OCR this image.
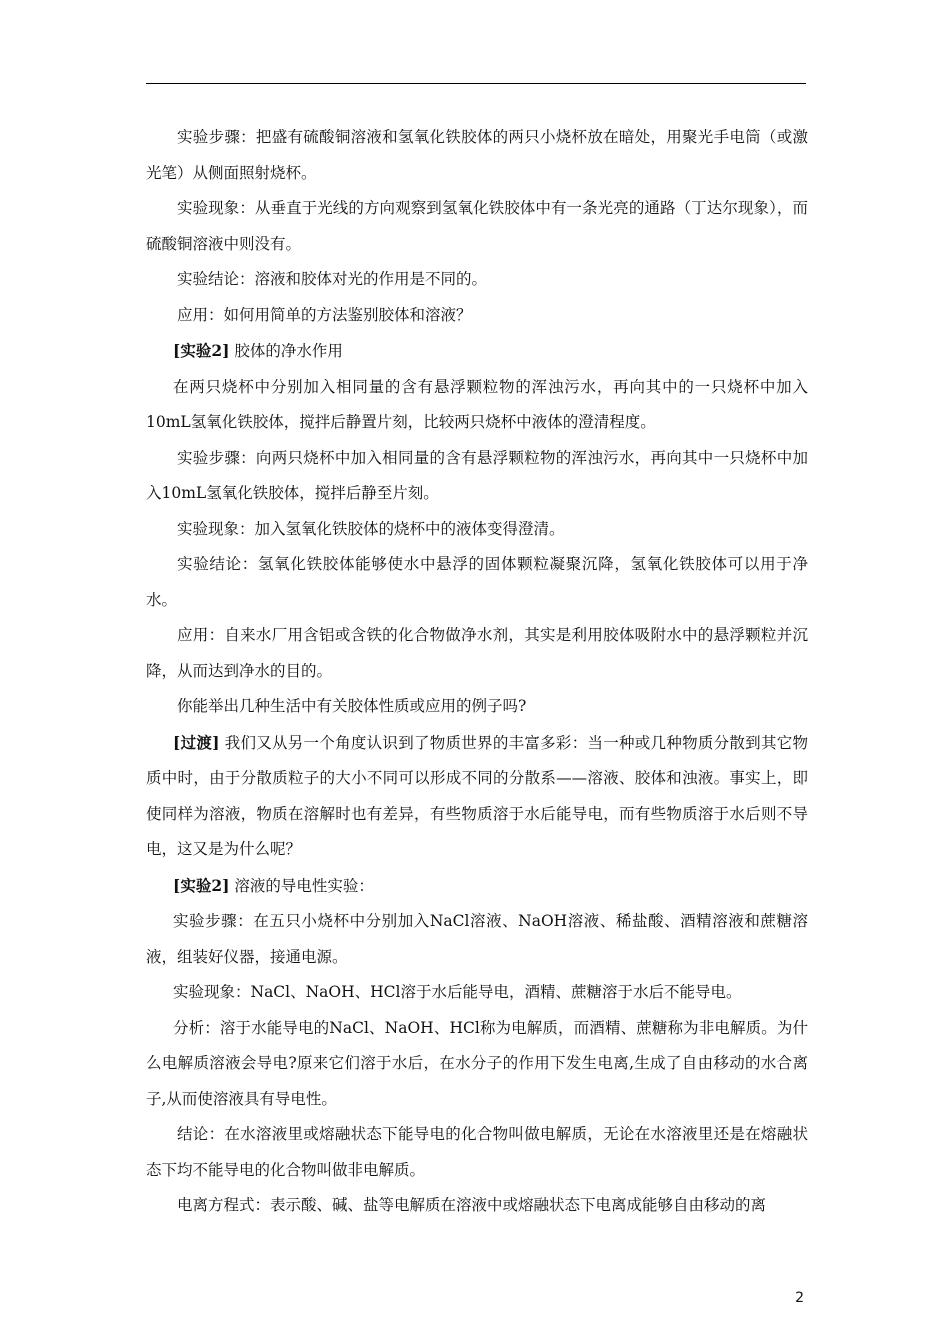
实验步骤：把盛有硫酸铜溶液和氢氧化铁胶体的两只小烧杯放在暗处，用聚光手电筒（或激光笔）从侧面照射烧杯。

实验现象：从垂直于光线的方向观察到氢氧化铁胶体中有一条光亮的通路（丁达尔现象），而硫酸铜溶液中则没有。

实验结论：溶液和胶体对光的作用是不同的。

应用：如何用简单的方法鉴别胶体和溶液？

[实验2] 胶体的净水作用

在两只烧杯中分别加入相同量的含有悬浮颗粒物的浑浊污水，再向其中的一只烧杯中加入10mL氢氧化铁胶体，搅拌后静置片刻，比较两只烧杯中液体的澄清程度。

实验步骤：向两只烧杯中加入相同量的含有悬浮颗粒物的浑浊污水，再向其中一只烧杯中加入10mL氢氧化铁胶体，搅拌后静至片刻。

实验现象：加入氢氧化铁胶体的烧杯中的液体变得澄清。

实验结论：氢氧化铁胶体能够使水中悬浮的固体颗粒凝聚沉降，氢氧化铁胶体可以用于净水。

应用：自来水厂用含铝或含铁的化合物做净水剂，其实是利用胶体吸附水中的悬浮颗粒并沉降，从而达到净水的目的。

你能举出几种生活中有关胶体性质或应用的例子吗?

[过渡] 我们又从另一个角度认识到了物质世界的丰富多彩：当一种或几种物质分散到其它物质中时，由于分散质粒子的大小不同可以形成不同的分散系——溶液、胶体和浊液。事实上，即使同样为溶液，物质在溶解时也有差异，有些物质溶于水后能导电，而有些物质溶于水后则不导电，这又是为什么呢？

[实验2] 溶液的导电性实验：

实验步骤：在五只小烧杯中分别加入NaCl溶液、NaOH溶液、稀盐酸、酒精溶液和蔗糖溶液，组装好仪器，接通电源。

实验现象：NaCl、NaOH、HCl溶于水后能导电，酒精、蔗糖溶于水后不能导电。

分析：溶于水能导电的NaCl、NaOH、HCl称为电解质，而酒精、蔗糖称为非电解质。为什么电解质溶液会导电?原来它们溶于水后，在水分子的作用下发生电离,生成了自由移动的水合离子,从而使溶液具有导电性。

结论：在水溶液里或熔融状态下能导电的化合物叫做电解质，无论在水溶液里还是在熔融状态下均不能导电的化合物叫做非电解质。

电离方程式：表示酸、碱、盐等电解质在溶液中或熔融状态下电离成能够自由移动的离

2
